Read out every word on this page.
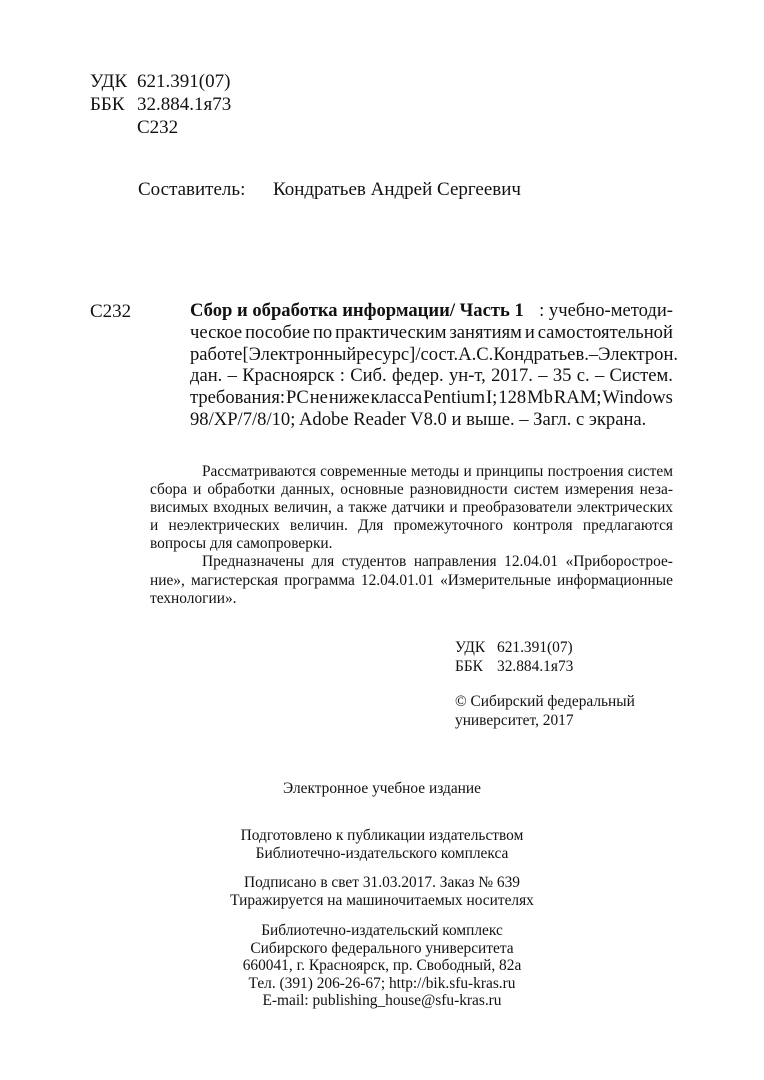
УДК 621.391(07)
ББК 32.884.1я73
С232
Составитель: Кондратьев Андрей Сергеевич
С232	Сбор и обработка информации/ Часть 1 : учебно-методи-
ческое пособие по практическим занятиям и самостоятельной
работе [Электронный ресурс] / сост. А.С. Кондратьев. – Электрон.
дан. – Красноярск : Сиб. федер. ун-т, 2017. – 35 с. – Систем.
требования: PC не ниже класса Pentium I; 128 Mb RAM; Windows
98/XP/7/8/10; Adobe Reader V8.0 и выше. – Загл. с экрана.
Рассматриваются современные методы и принципы построения систем
сбора и обработки данных, основные разновидности систем измерения неза-
висимых входных величин, а также датчики и преобразователи электрических
и неэлектрических величин. Для промежуточного контроля предлагаются
вопросы для самопроверки.
Предназначены для студентов направления 12.04.01 «Приборострое-
ние», магистерская программа 12.04.01.01 «Измерительные информационные
технологии».
УДК 621.391(07)
ББК 32.884.1я73
© Сибирский федеральный
университет, 2017
Электронное учебное издание
Подготовлено к публикации издательством
Библиотечно-издательского комплекса
Подписано в свет 31.03.2017. Заказ № 639
Тиражируется на машиночитаемых носителях
Библиотечно-издательский комплекс
Сибирского федерального университета
660041, г. Красноярск, пр. Свободный, 82а
Тел. (391) 206-26-67; http://bik.sfu-kras.ru
E-mail: publishing_house@sfu-kras.ru
